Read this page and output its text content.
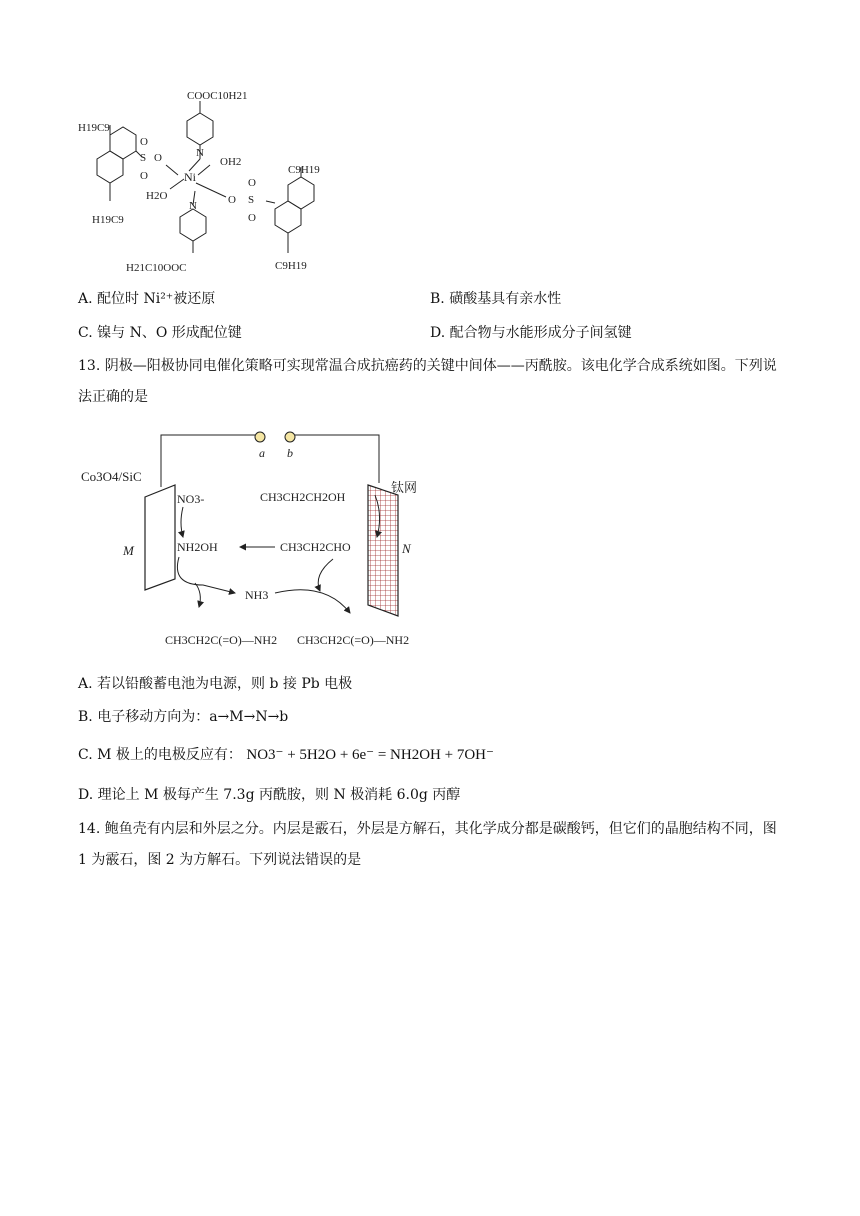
COOC10H21
H21C10OOC
H19C9
H19C9
C9H19
C9H19
O
S
O
O	N
N
Ni
OH2
H2O	O S
O
O
A. 配位时 Ni²⁺被还原	B. 磺酸基具有亲水性
C. 镍与 N、O 形成配位键	D. 配合物与水能形成分子间氢键
13. 阴极—阳极协同电催化策略可实现常温合成抗癌药的关键中间体——丙酰胺。该电化学合成系统如图。下列说法正确的是
a b
Co3O4/SiC
钛网
M	N
NO3-
NH2OH
CH3CH2CH2OH
CH3CH2CHO
NH3
CH3CH2C(=O)—NH2 CH3CH2C(=O)—NH2
A. 若以铅酸蓄电池为电源，则 b 接 Pb 电极
B. 电子移动方向为：a→M→N→b
C. M 极上的电极反应有： NO3⁻ + 5H2O + 6e⁻ = NH2OH + 7OH⁻
D. 理论上 M 极每产生 7.3g 丙酰胺，则 N 极消耗 6.0g 丙醇
14. 鲍鱼壳有内层和外层之分。内层是霰石，外层是方解石，其化学成分都是碳酸钙，但它们的晶胞结构不同，图 1 为霰石，图 2 为方解石。下列说法错误的是
